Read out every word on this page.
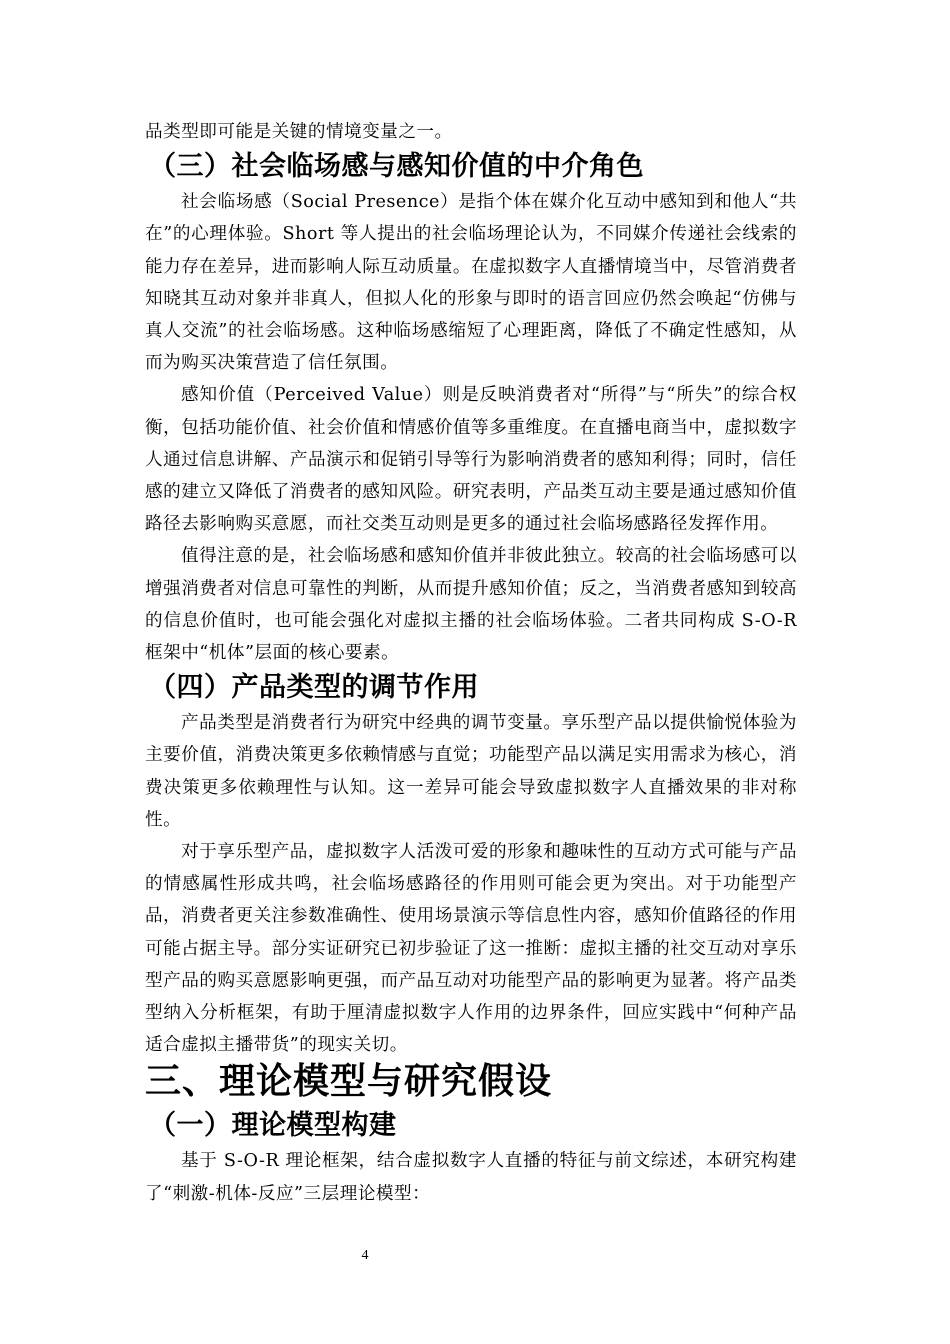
品类型即可能是关键的情境变量之一。

（三）社会临场感与感知价值的中介角色

社会临场感（Social Presence）是指个体在媒介化互动中感知到和他人“共在”的心理体验。Short 等人提出的社会临场理论认为，不同媒介传递社会线索的能力存在差异，进而影响人际互动质量。在虚拟数字人直播情境当中，尽管消费者知晓其互动对象并非真人，但拟人化的形象与即时的语言回应仍然会唤起“仿佛与真人交流”的社会临场感。这种临场感缩短了心理距离，降低了不确定性感知，从而为购买决策营造了信任氛围。

感知价值（Perceived Value）则是反映消费者对“所得”与“所失”的综合权衡，包括功能价值、社会价值和情感价值等多重维度。在直播电商当中，虚拟数字人通过信息讲解、产品演示和促销引导等行为影响消费者的感知利得；同时，信任感的建立又降低了消费者的感知风险。研究表明，产品类互动主要是通过感知价值路径去影响购买意愿，而社交类互动则是更多的通过社会临场感路径发挥作用。

值得注意的是，社会临场感和感知价值并非彼此独立。较高的社会临场感可以增强消费者对信息可靠性的判断，从而提升感知价值；反之，当消费者感知到较高的信息价值时，也可能会强化对虚拟主播的社会临场体验。二者共同构成 S-O-R 框架中“机体”层面的核心要素。

（四）产品类型的调节作用

产品类型是消费者行为研究中经典的调节变量。享乐型产品以提供愉悦体验为主要价值，消费决策更多依赖情感与直觉；功能型产品以满足实用需求为核心，消费决策更多依赖理性与认知。这一差异可能会导致虚拟数字人直播效果的非对称性。

对于享乐型产品，虚拟数字人活泼可爱的形象和趣味性的互动方式可能与产品的情感属性形成共鸣，社会临场感路径的作用则可能会更为突出。对于功能型产品，消费者更关注参数准确性、使用场景演示等信息性内容，感知价值路径的作用可能占据主导。部分实证研究已初步验证了这一推断：虚拟主播的社交互动对享乐型产品的购买意愿影响更强，而产品互动对功能型产品的影响更为显著。将产品类型纳入分析框架，有助于厘清虚拟数字人作用的边界条件，回应实践中“何种产品适合虚拟主播带货”的现实关切。

三、理论模型与研究假设
（一）理论模型构建

基于 S-O-R 理论框架，结合虚拟数字人直播的特征与前文综述，本研究构建了“刺激-机体-反应”三层理论模型：

4
